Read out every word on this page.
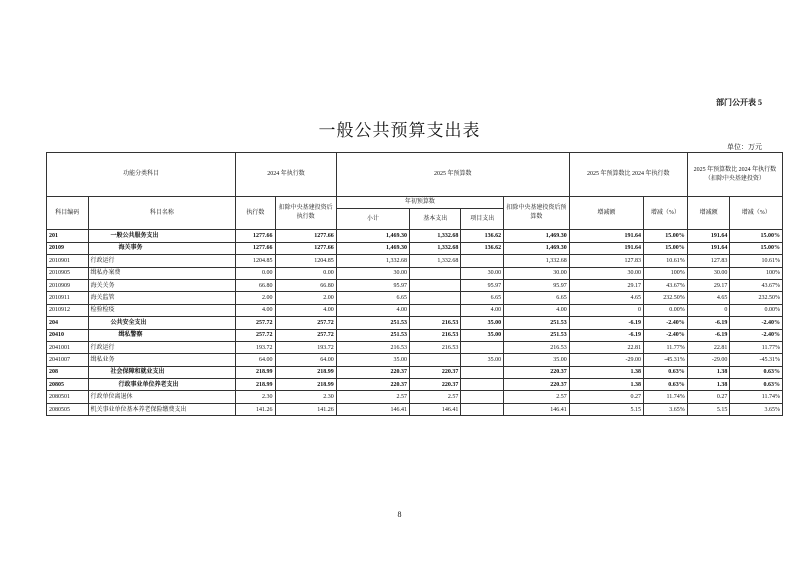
部门公开表 5
一般公共预算支出表
单位：万元
功能分类科目		2024 年执行数		2025 年预算数				2025 年预算数比 2024 年执行数		2025 年预算数比 2024 年执行数 （扣除中央基建投资）	
科目编码	科目名称	执行数	扣除中央基建投资后执行数	年初预算数			扣除中央基建投资后预算数	增减额	增减（%）	增减额	增减（%）
				小计	基本支出	项目支出					
201	一般公共服务支出	1277.66	1277.66	1,469.30	1,332.68	136.62	1,469.30	191.64	15.00%	191.64	15.00%
20109	海关事务	1277.66	1277.66	1,469.30	1,332.68	136.62	1,469.30	191.64	15.00%	191.64	15.00%
2010901	行政运行	1204.85	1204.85	1,332.68	1,332.68		1,332.68	127.83	10.61%	127.83	10.61%
2010905	缉私办案费	0.00	0.00	30.00		30.00	30.00	30.00	100%	30.00	100%
2010909	海关关务	66.80	66.80	95.97		95.97	95.97	29.17	43.67%	29.17	43.67%
2010911	海关监管	2.00	2.00	6.65		6.65	6.65	4.65	232.50%	4.65	232.50%
2010912	检验检疫	4.00	4.00	4.00		4.00	4.00	0	0.00%	0	0.00%
204	公共安全支出	257.72	257.72	251.53	216.53	35.00	251.53	-6.19	-2.40%	-6.19	-2.40%
20410	缉私警察	257.72	257.72	251.53	216.53	35.00	251.53	-6.19	-2.40%	-6.19	-2.40%
2041001	行政运行	193.72	193.72	216.53	216.53		216.53	22.81	11.77%	22.81	11.77%
2041007	缉私业务	64.00	64.00	35.00		35.00	35.00	-29.00	-45.31%	-29.00	-45.31%
208	社会保障和就业支出	218.99	218.99	220.37	220.37		220.37	1.38	0.63%	1.38	0.63%
20805	行政事业单位养老支出	218.99	218.99	220.37	220.37		220.37	1.38	0.63%	1.38	0.63%
2080501	行政单位离退休	2.30	2.30	2.57	2.57		2.57	0.27	11.74%	0.27	11.74%
2080505	机关事业单位基本养老保险缴费支出	141.26	141.26	146.41	146.41		146.41	5.15	3.65%	5.15	3.65%
8
